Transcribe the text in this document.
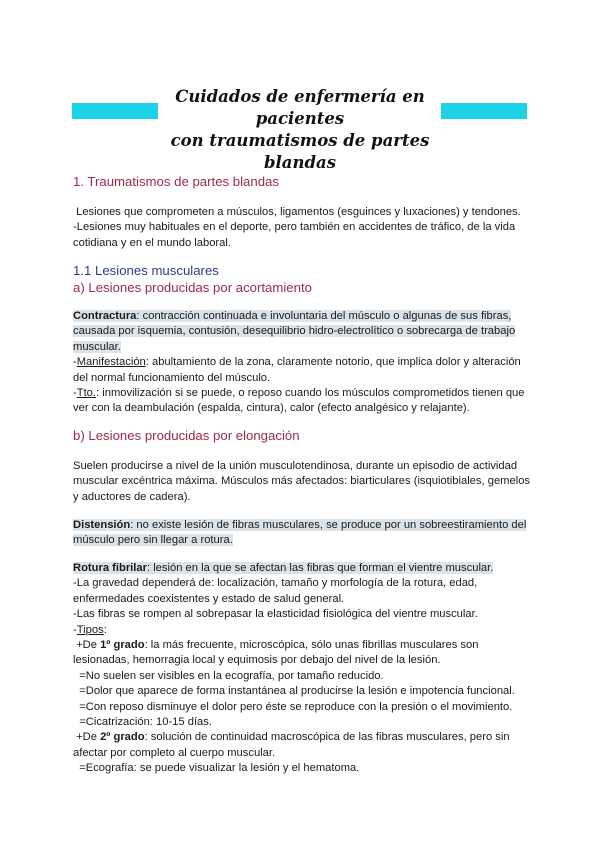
Cuidados de enfermería en pacientes
con traumatismos de partes blandas
1. Traumatismos de partes blandas
Lesiones que comprometen a músculos, ligamentos (esguinces y luxaciones) y tendones.
-Lesiones muy habituales en el deporte, pero también en accidentes de tráfico, de la vida
cotidiana y en el mundo laboral.
1.1 Lesiones musculares
a) Lesiones producidas por acortamiento
Contractura: contracción continuada e involuntaria del músculo o algunas de sus fibras,
causada por isquemia, contusión, desequilibrio hidro-electrolítico o sobrecarga de trabajo
muscular.
-Manifestación: abultamiento de la zona, claramente notorio, que implica dolor y alteración
del normal funcionamiento del músculo.
-Tto.: inmovilización si se puede, o reposo cuando los músculos comprometidos tienen que
ver con la deambulación (espalda, cintura), calor (efecto analgésico y relajante).
b) Lesiones producidas por elongación
Suelen producirse a nivel de la unión musculotendinosa, durante un episodio de actividad
muscular excéntrica máxima. Músculos más afectados: biarticulares (isquiotibiales, gemelos
y aductores de cadera).
Distensión: no existe lesión de fibras musculares, se produce por un sobreestiramiento del
músculo pero sin llegar a rotura.
Rotura fibrilar: lesión en la que se afectan las fibras que forman el vientre muscular.
-La gravedad dependerá de: localización, tamaño y morfología de la rotura, edad,
enfermedades coexistentes y estado de salud general.
-Las fibras se rompen al sobrepasar la elasticidad fisiológica del vientre muscular.
-Tipos:
+De 1º grado: la más frecuente, microscópica, sólo unas fibrillas musculares son
lesionadas, hemorragia local y equimosis por debajo del nivel de la lesión.
=No suelen ser visibles en la ecografía, por tamaño reducido.
=Dolor que aparece de forma instantánea al producirse la lesión e impotencia funcional.
=Con reposo disminuye el dolor pero éste se reproduce con la presión o el movimiento.
=Cicatrización: 10-15 días.
+De 2º grado: solución de continuidad macroscópica de las fibras musculares, pero sin
afectar por completo al cuerpo muscular.
=Ecografía: se puede visualizar la lesión y el hematoma.
